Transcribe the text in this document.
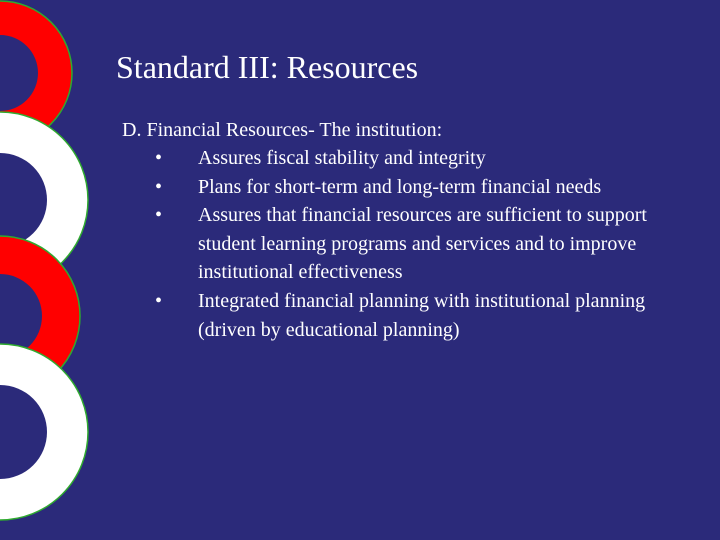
Standard III: Resources
D. Financial Resources- The institution:
• Assures fiscal stability and integrity
• Plans for short-term and long-term financial needs
• Assures that financial resources are sufficient to support student learning programs and services and to improve institutional effectiveness
• Integrated financial planning with institutional planning (driven by educational planning)
